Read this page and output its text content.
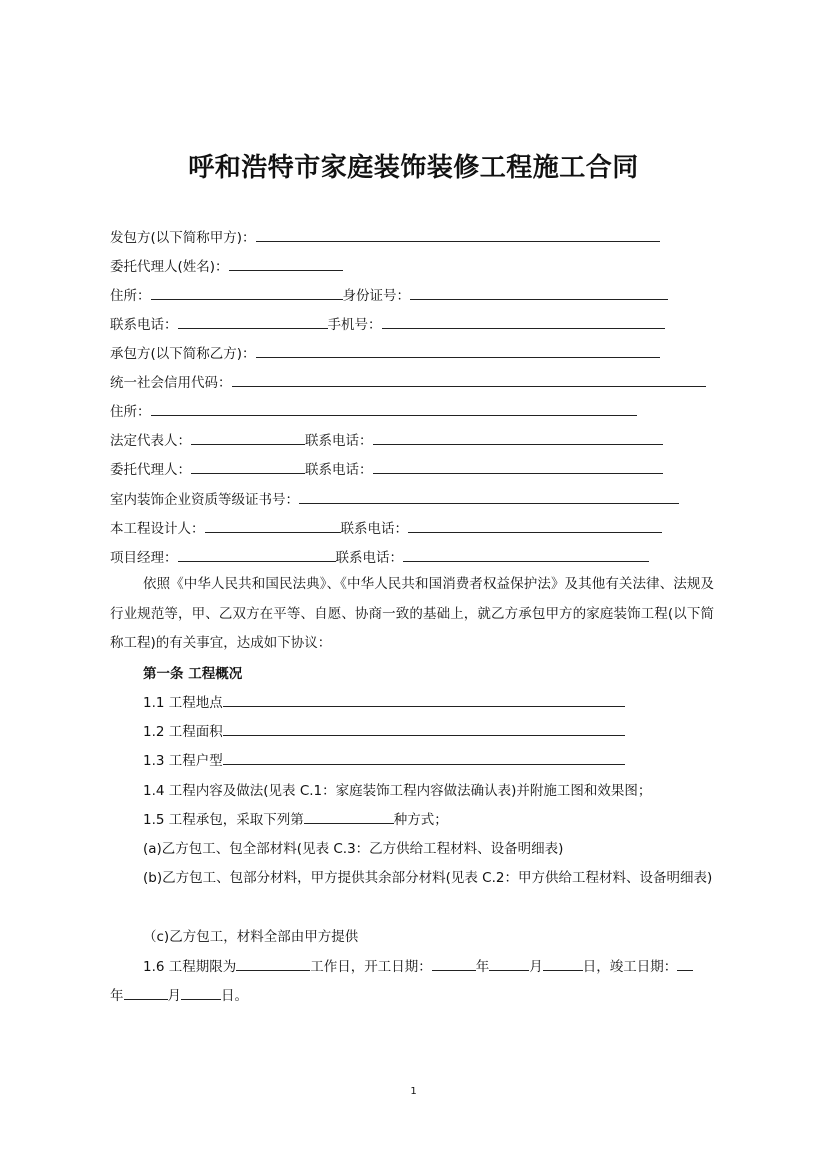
呼和浩特市家庭装饰装修工程施工合同
发包方(以下简称甲方)：
委托代理人(姓名)：
住所：	身份证号：
联系电话：	手机号：
承包方(以下简称乙方)：
统一社会信用代码：
住所：
法定代表人：	联系电话：
委托代理人：	联系电话：
室内装饰企业资质等级证书号：
本工程设计人：	联系电话：
项目经理：	联系电话：
依照《中华人民共和国民法典》、《中华人民共和国消费者权益保护法》及其他有关法律、法规及行业规范等，甲、乙双方在平等、自愿、协商一致的基础上，就乙方承包甲方的家庭装饰工程(以下简称工程)的有关事宜，达成如下协议：
第一条 工程概况
1.1 工程地点
1.2 工程面积
1.3 工程户型
1.4 工程内容及做法(见表 C.1：家庭装饰工程内容做法确认表)并附施工图和效果图；
1.5 工程承包，采取下列第	种方式；
(a)乙方包工、包全部材料(见表 C.3：乙方供给工程材料、设备明细表)
(b)乙方包工、包部分材料，甲方提供其余部分材料(见表 C.2：甲方供给工程材料、设备明细表)
（c)乙方包工，材料全部由甲方提供
1.6 工程期限为	工作日，开工日期：	年	月	日，竣工日期：
年	月	日。
1
